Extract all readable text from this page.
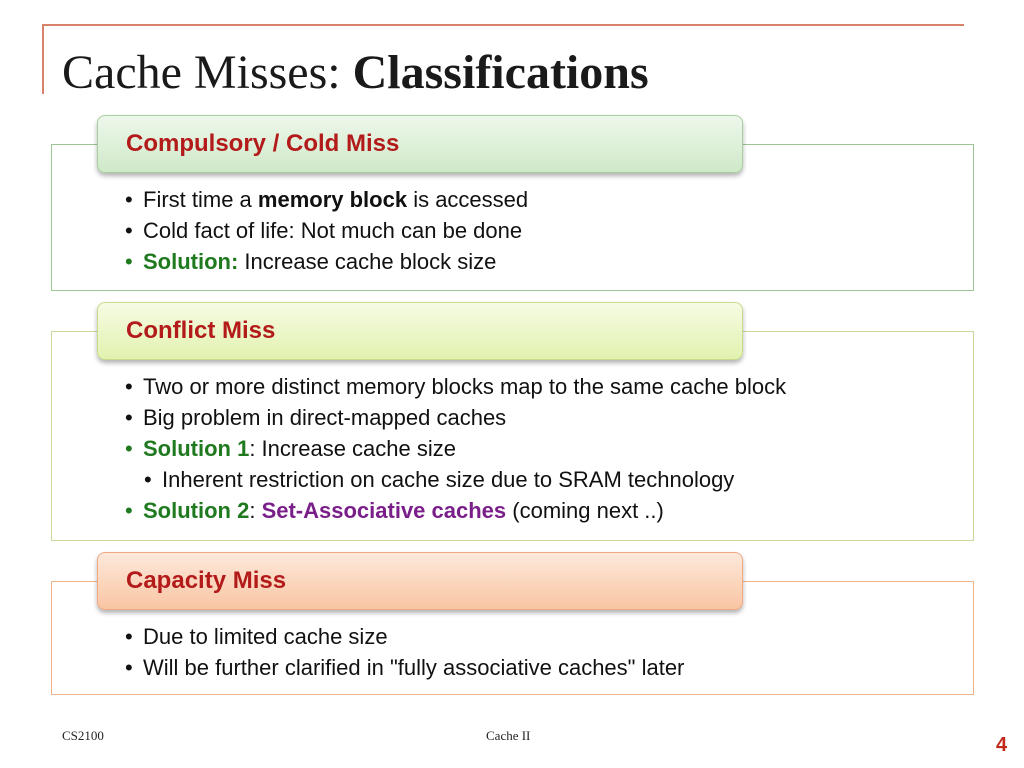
Cache Misses: Classifications
Compulsory / Cold Miss
• First time a memory block is accessed
• Cold fact of life: Not much can be done
• Solution: Increase cache block size
Conflict Miss
• Two or more distinct memory blocks map to the same cache block
• Big problem in direct-mapped caches
• Solution 1: Increase cache size
• Inherent restriction on cache size due to SRAM technology
• Solution 2: Set-Associative caches (coming next ..)
Capacity Miss
• Due to limited cache size
• Will be further clarified in "fully associative caches" later
CS2100	Cache II	4
